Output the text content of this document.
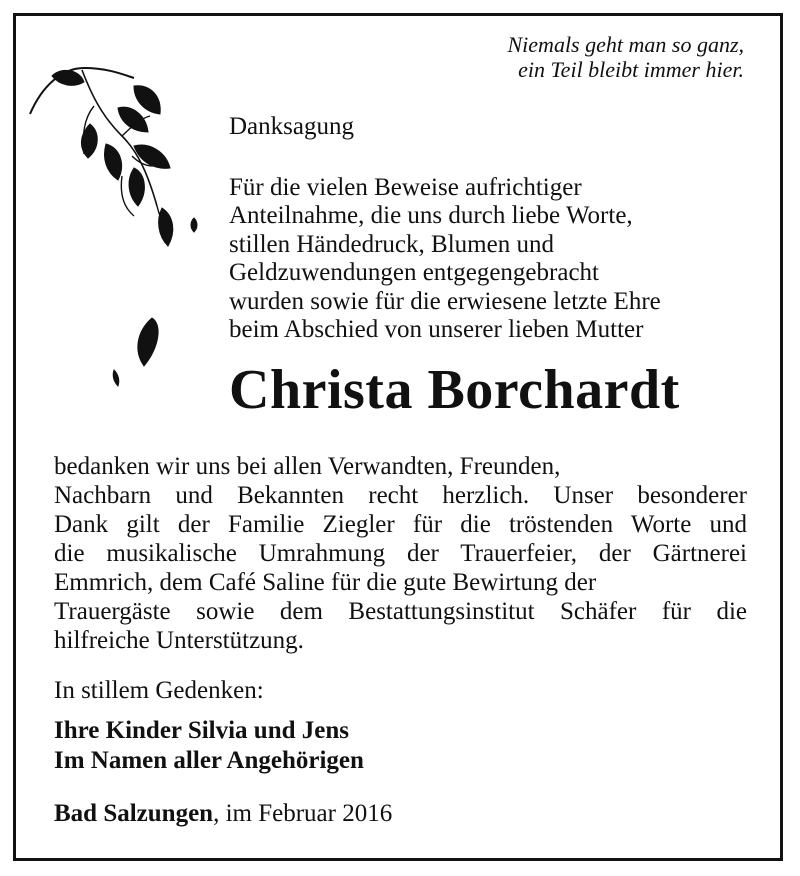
Niemals geht man so ganz,
ein Teil bleibt immer hier.
Danksagung
Für die vielen Beweise aufrichtiger
Anteilnahme, die uns durch liebe Worte,
stillen Händedruck, Blumen und
Geldzuwendungen entgegengebracht
wurden sowie für die erwiesene letzte Ehre
beim Abschied von unserer lieben Mutter
Christa Borchardt
bedanken wir uns bei allen Verwandten, Freunden,
Nachbarn und Bekannten recht herzlich. Unser besonderer
Dank gilt der Familie Ziegler für die tröstenden Worte und
die musikalische Umrahmung der Trauerfeier, der Gärtnerei
Emmrich, dem Café Saline für die gute Bewirtung der
Trauergäste sowie dem Bestattungsinstitut Schäfer für die
hilfreiche Unterstützung.
In stillem Gedenken:
Ihre Kinder Silvia und Jens
Im Namen aller Angehörigen
Bad Salzungen, im Februar 2016
